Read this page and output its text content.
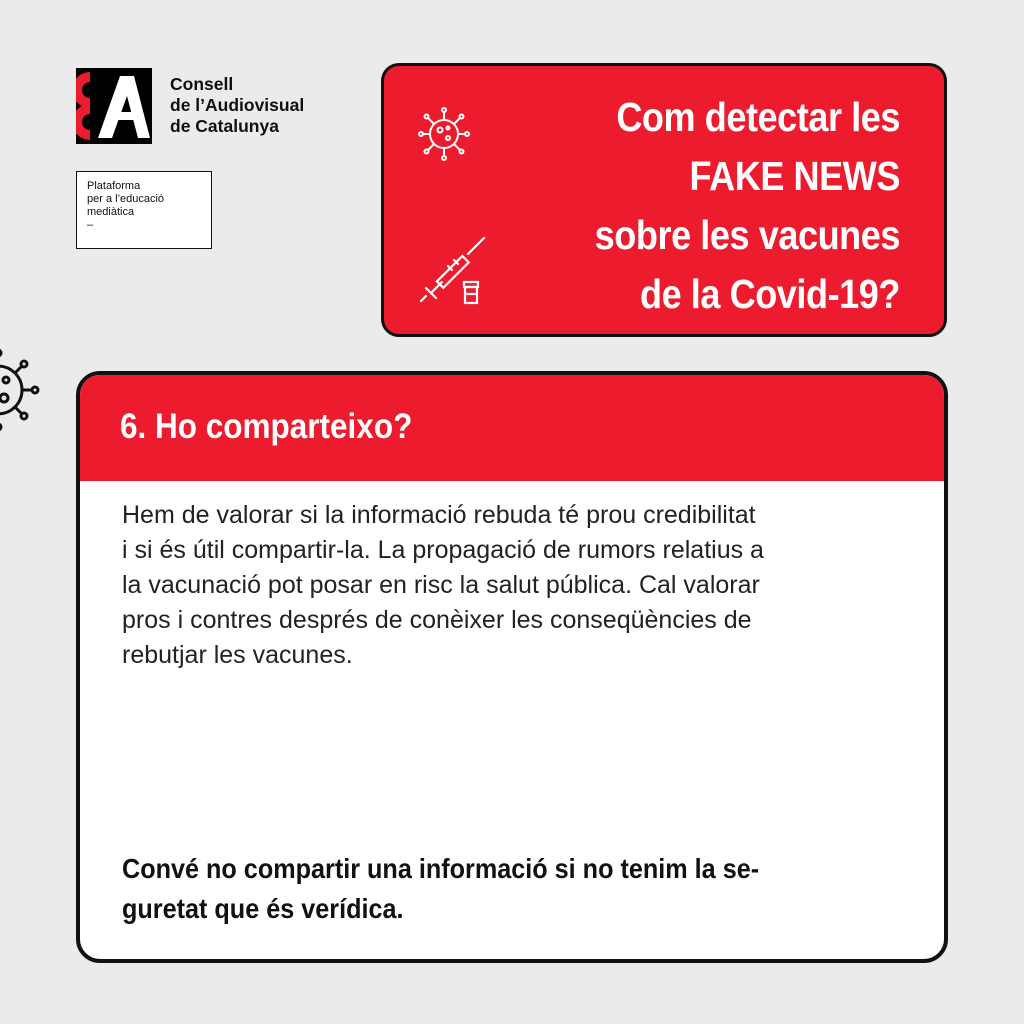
Consell
de l’Audiovisual
de Catalunya
Plataforma
per a l’educació
mediàtica
–
Com detectar les
FAKE NEWS
sobre les vacunes
de la Covid-19?
6. Ho comparteixo?
Hem de valorar si la informació rebuda té prou credibilitat
i si és útil compartir-la. La propagació de rumors relatius a
la vacunació pot posar en risc la salut pública. Cal valorar
pros i contres després de conèixer les conseqüències de
rebutjar les vacunes.
Convé no compartir una informació si no tenim la se-
guretat que és verídica.
